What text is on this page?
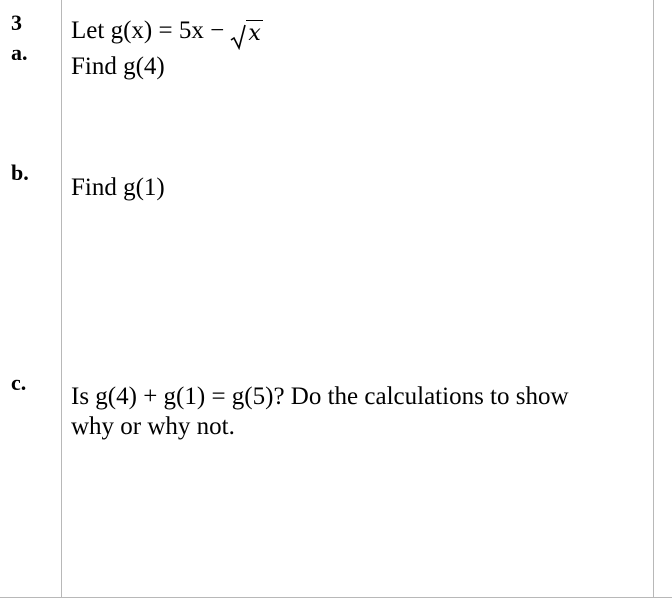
3
a.
Let g(x) = 5x − x
Find g(4)
b.
Find g(1)
c.
Is g(4) + g(1) = g(5)? Do the calculations to show
why or why not.
